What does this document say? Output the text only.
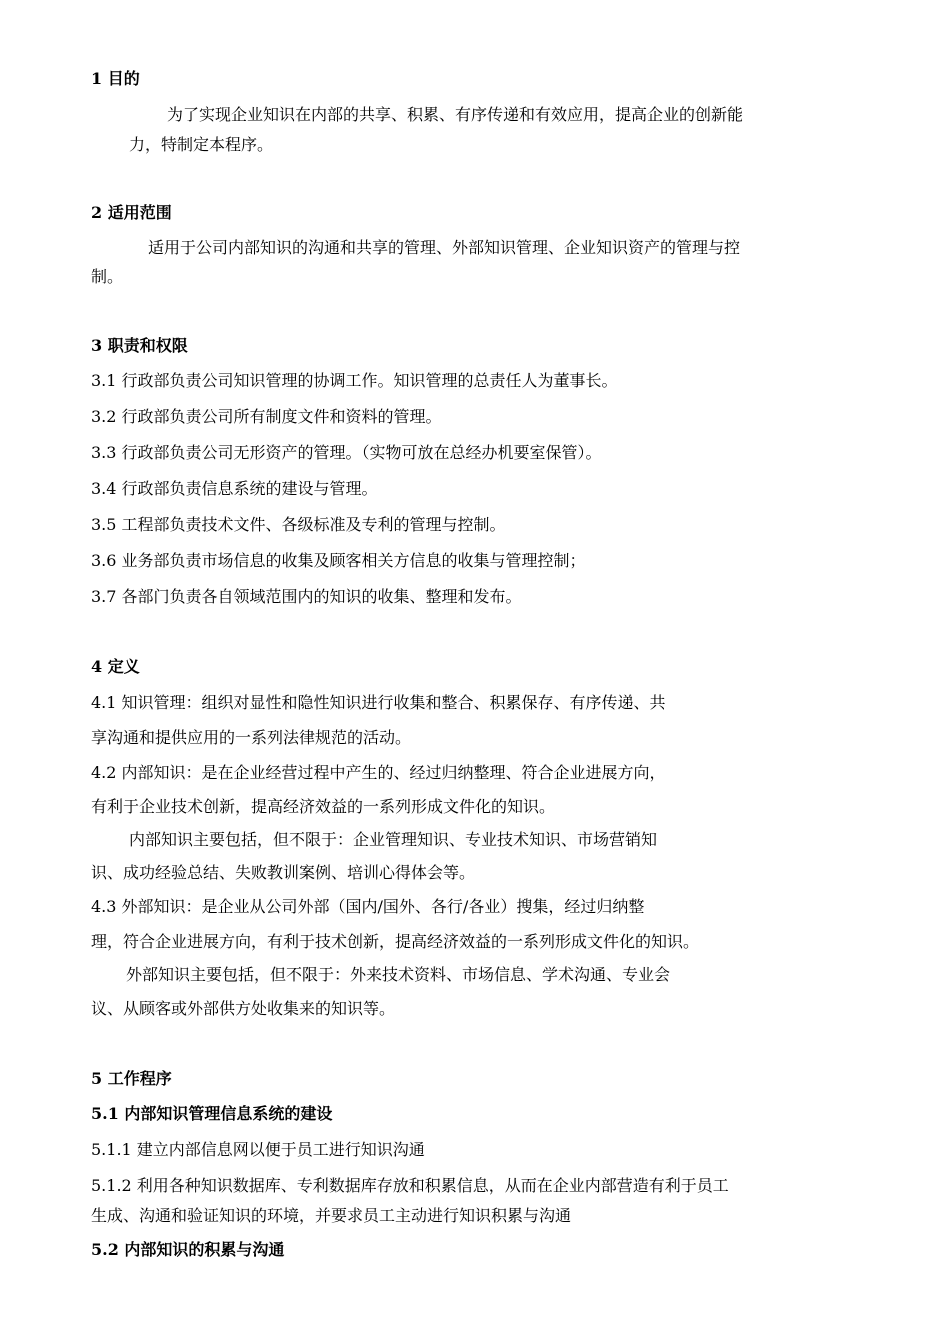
1 目的
为了实现企业知识在内部的共享、积累、有序传递和有效应用，提高企业的创新能
力，特制定本程序。
2 适用范围
适用于公司内部知识的沟通和共享的管理、外部知识管理、企业知识资产的管理与控
制。
3 职责和权限
3.1 行政部负责公司知识管理的协调工作。知识管理的总责任人为董事长。
3.2 行政部负责公司所有制度文件和资料的管理。
3.3 行政部负责公司无形资产的管理。（实物可放在总经办机要室保管）。
3.4 行政部负责信息系统的建设与管理。
3.5 工程部负责技术文件、各级标准及专利的管理与控制。
3.6 业务部负责市场信息的收集及顾客相关方信息的收集与管理控制；
3.7 各部门负责各自领域范围内的知识的收集、整理和发布。
4 定义
4.1 知识管理：组织对显性和隐性知识进行收集和整合、积累保存、有序传递、共
享沟通和提供应用的一系列法律规范的活动。
4.2 内部知识：是在企业经营过程中产生的、经过归纳整理、符合企业进展方向，
有利于企业技术创新，提高经济效益的一系列形成文件化的知识。
内部知识主要包括，但不限于：企业管理知识、专业技术知识、市场营销知
识、成功经验总结、失败教训案例、培训心得体会等。
4.3 外部知识：是企业从公司外部（国内/国外、各行/各业）搜集，经过归纳整
理，符合企业进展方向，有利于技术创新，提高经济效益的一系列形成文件化的知识。
外部知识主要包括，但不限于：外来技术资料、市场信息、学术沟通、专业会
议、从顾客或外部供方处收集来的知识等。
5 工作程序
5.1 内部知识管理信息系统的建设
5.1.1 建立内部信息网以便于员工进行知识沟通
5.1.2 利用各种知识数据库、专利数据库存放和积累信息，从而在企业内部营造有利于员工
生成、沟通和验证知识的环境，并要求员工主动进行知识积累与沟通
5.2 内部知识的积累与沟通
